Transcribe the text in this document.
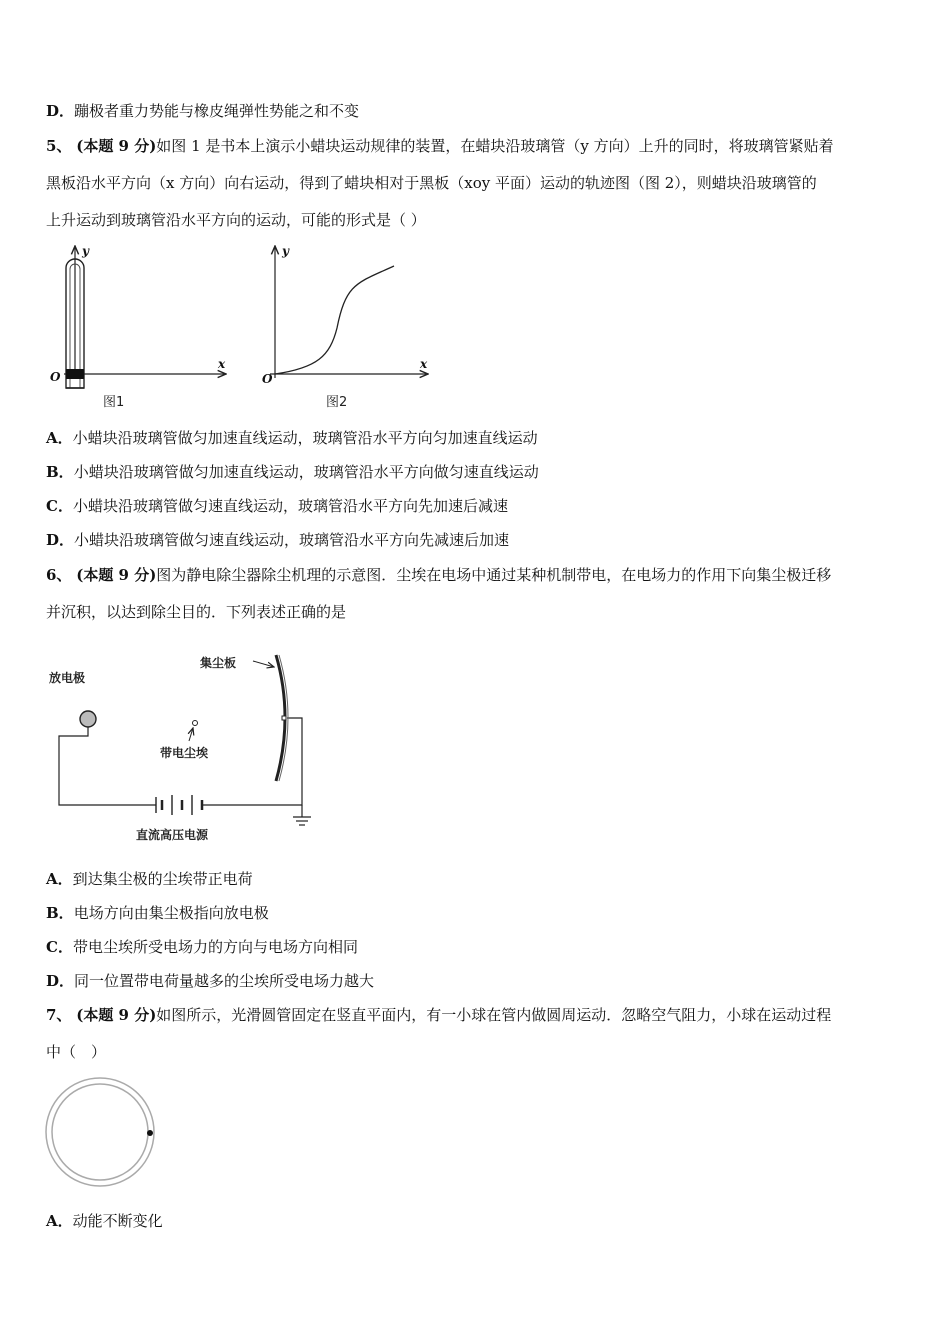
D．蹦极者重力势能与橡皮绳弹性势能之和不变
5、 (本题 9 分)如图 1 是书本上演示小蜡块运动规律的装置，在蜡块沿玻璃管（y 方向）上升的同时，将玻璃管紧贴着
黑板沿水平方向（x 方向）向右运动，得到了蜡块相对于黑板（xoy 平面）运动的轨迹图（图 2），则蜡块沿玻璃管的
上升运动到玻璃管沿水平方向的运动，可能的形式是（ ）
y
x
O
图1
y
x
O
图2
A．小蜡块沿玻璃管做匀加速直线运动，玻璃管沿水平方向匀加速直线运动
B．小蜡块沿玻璃管做匀加速直线运动，玻璃管沿水平方向做匀速直线运动
C．小蜡块沿玻璃管做匀速直线运动，玻璃管沿水平方向先加速后减速
D．小蜡块沿玻璃管做匀速直线运动，玻璃管沿水平方向先减速后加速
6、 (本题 9 分)图为静电除尘器除尘机理的示意图．尘埃在电场中通过某种机制带电，在电场力的作用下向集尘极迁移
并沉积，以达到除尘目的．下列表述正确的是
放电极
集尘板
带电尘埃
直流高压电源
A．到达集尘极的尘埃带正电荷
B．电场方向由集尘极指向放电极
C．带电尘埃所受电场力的方向与电场方向相同
D．同一位置带电荷量越多的尘埃所受电场力越大
7、 (本题 9 分)如图所示，光滑圆管固定在竖直平面内，有一小球在管内做圆周运动．忽略空气阻力，小球在运动过程
中（　）
A．动能不断变化
